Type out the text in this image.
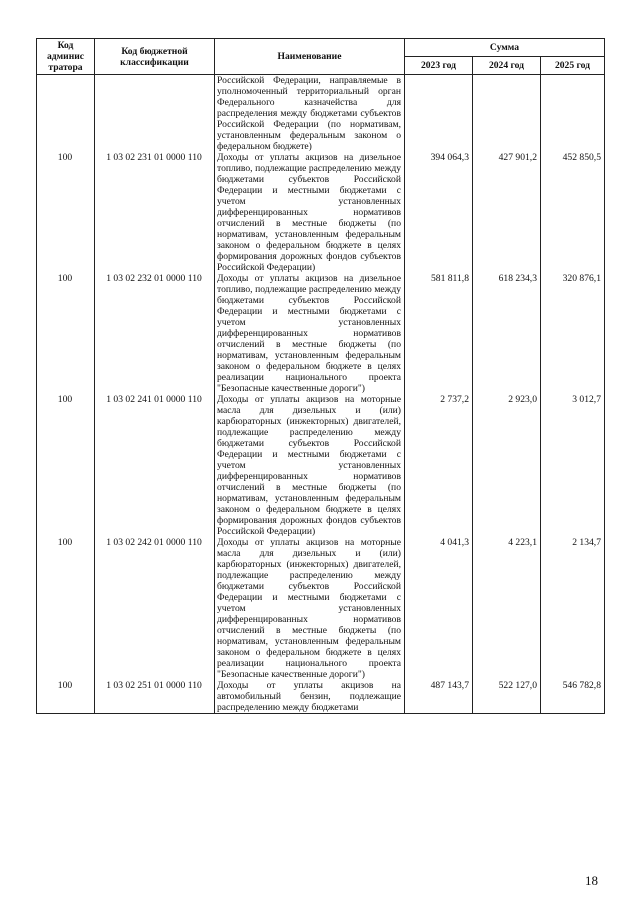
Код
админис
тратора	Код бюджетной
классификации	Наименование	Сумма		
			2023 год	2024 год	2025 год
		Российской Федерации, направляемые в уполномоченный территориальный орган Федерального казначейства для распределения между бюджетами субъектов Российской Федерации (по нормативам, установленным федеральным законом о федеральном бюджете)			
100	1 03 02 231 01 0000 110	Доходы от уплаты акцизов на дизельное топливо, подлежащие распределению между бюджетами субъектов Российской Федерации и местными бюджетами с учетом установленных дифференцированных нормативов отчислений в местные бюджеты (по нормативам, установленным федеральным законом о федеральном бюджете в целях формирования дорожных фондов субъектов Российской Федерации)	394 064,3	427 901,2	452 850,5
100	1 03 02 232 01 0000 110	Доходы от уплаты акцизов на дизельное топливо, подлежащие распределению между бюджетами субъектов Российской Федерации и местными бюджетами с учетом установленных дифференцированных нормативов отчислений в местные бюджеты (по нормативам, установленным федеральным законом о федеральном бюджете в целях реализации национального проекта "Безопасные качественные дороги")	581 811,8	618 234,3	320 876,1
100	1 03 02 241 01 0000 110	Доходы от уплаты акцизов на моторные масла для дизельных и (или) карбюраторных (инжекторных) двигателей, подлежащие распределению между бюджетами субъектов Российской Федерации и местными бюджетами с учетом установленных дифференцированных нормативов отчислений в местные бюджеты (по нормативам, установленным федеральным законом о федеральном бюджете в целях формирования дорожных фондов субъектов Российской Федерации)	2 737,2	2 923,0	3 012,7
100	1 03 02 242 01 0000 110	Доходы от уплаты акцизов на моторные масла для дизельных и (или) карбюраторных (инжекторных) двигателей, подлежащие распределению между бюджетами субъектов Российской Федерации и местными бюджетами с учетом установленных дифференцированных нормативов отчислений в местные бюджеты (по нормативам, установленным федеральным законом о федеральном бюджете в целях реализации национального проекта "Безопасные качественные дороги")	4 041,3	4 223,1	2 134,7
100	1 03 02 251 01 0000 110	Доходы от уплаты акцизов на автомобильный бензин, подлежащие распределению между бюджетами	487 143,7	522 127,0	546 782,8
18
